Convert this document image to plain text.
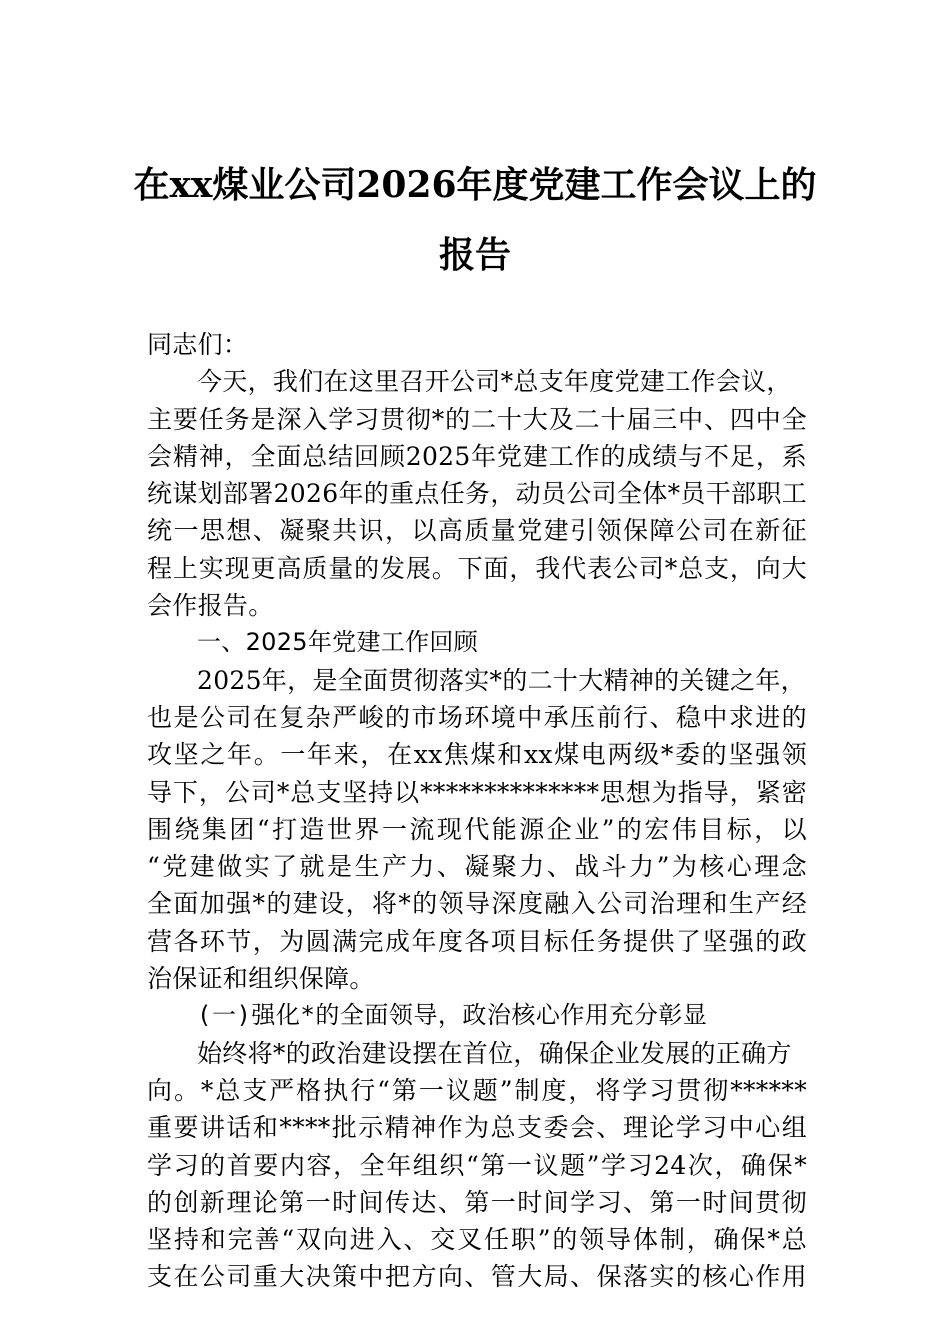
在xx煤业公司2026年度党建工作会议上的
报告
同志们：
今天，我们在这里召开公司*总支年度党建工作会议，
主要任务是深入学习贯彻*的二十大及二十届三中、四中全
会精神，全面总结回顾2025年党建工作的成绩与不足，系
统谋划部署2026年的重点任务，动员公司全体*员干部职工
统一思想、凝聚共识，以高质量党建引领保障公司在新征
程上实现更高质量的发展。下面，我代表公司*总支，向大
会作报告。
一、2025年党建工作回顾
2025年，是全面贯彻落实*的二十大精神的关键之年，
也是公司在复杂严峻的市场环境中承压前行、稳中求进的
攻坚之年。一年来，在xx焦煤和xx煤电两级*委的坚强领
导下，公司*总支坚持以**************思想为指导，紧密
围绕集团“打造世界一流现代能源企业”的宏伟目标，以
“党建做实了就是生产力、凝聚力、战斗力”为核心理念
全面加强*的建设，将*的领导深度融入公司治理和生产经
营各环节，为圆满完成年度各项目标任务提供了坚强的政
治保证和组织保障。
(一)强化*的全面领导，政治核心作用充分彰显
始终将*的政治建设摆在首位，确保企业发展的正确方
向。*总支严格执行“第一议题”制度，将学习贯彻******
重要讲话和****批示精神作为总支委会、理论学习中心组
学习的首要内容，全年组织“第一议题”学习24次，确保*
的创新理论第一时间传达、第一时间学习、第一时间贯彻
坚持和完善“双向进入、交叉任职”的领导体制，确保*总
支在公司重大决策中把方向、管大局、保落实的核心作用
